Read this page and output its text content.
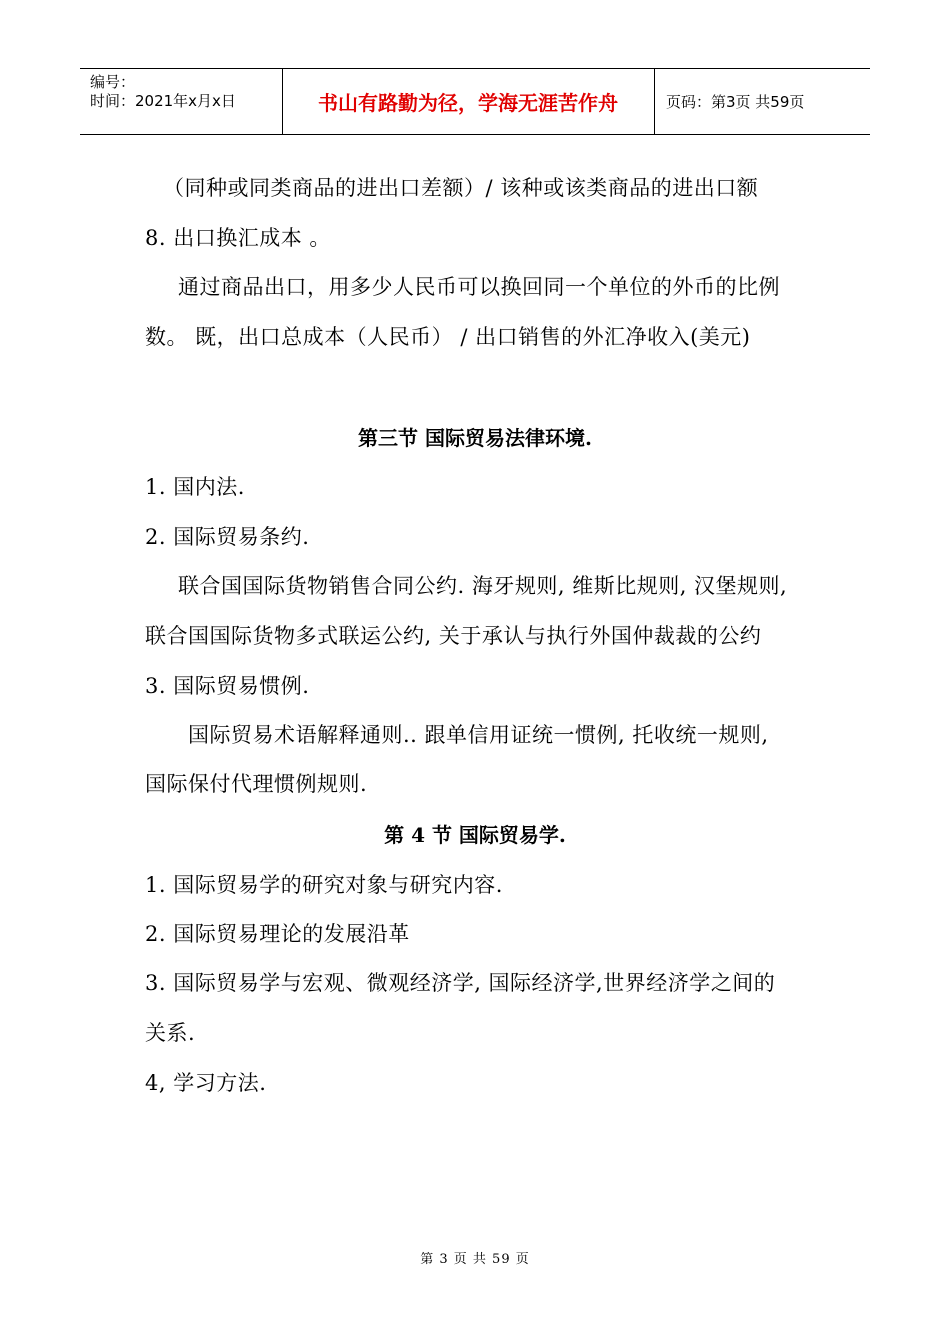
编号：
时间：2021年x月x日	书山有路勤为径，学海无涯苦作舟	页码：第3页 共59页
（同种或同类商品的进出口差额）/ 该种或该类商品的进出口额
8. 出口换汇成本 。
通过商品出口，用多少人民币可以换回同一个单位的外币的比例
数。 既，出口总成本（人民币） / 出口销售的外汇净收入(美元)
第三节 国际贸易法律环境.
1. 国内法.
2. 国际贸易条约.
联合国国际货物销售合同公约. 海牙规则, 维斯比规则, 汉堡规则,
联合国国际货物多式联运公约, 关于承认与执行外国仲裁裁的公约
3. 国际贸易惯例.
国际贸易术语解释通则.. 跟单信用证统一惯例, 托收统一规则,
国际保付代理惯例规则.
第 4 节 国际贸易学.
1. 国际贸易学的研究对象与研究内容.
2. 国际贸易理论的发展沿革
3. 国际贸易学与宏观、微观经济学, 国际经济学,世界经济学之间的
关系.
4, 学习方法.
第 3 页 共 59 页
